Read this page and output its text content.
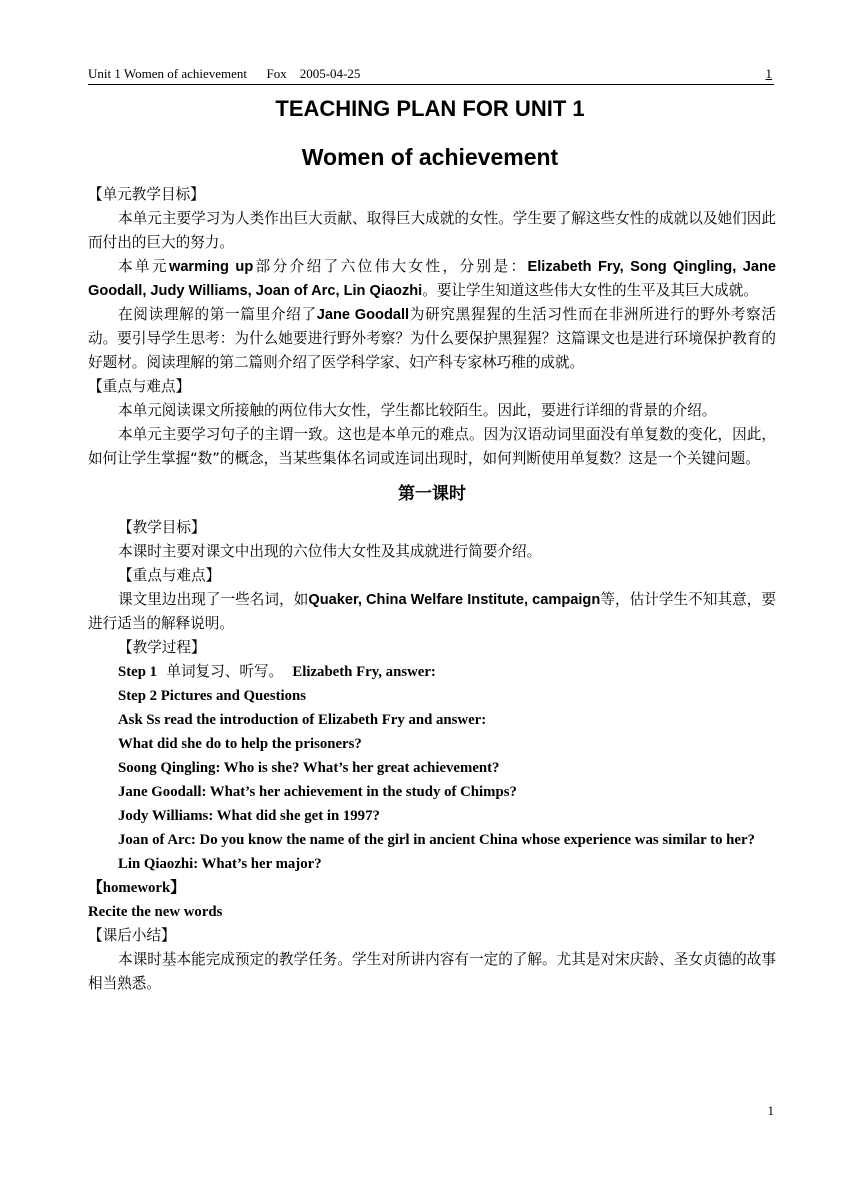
Unit 1 Women of achievement      Fox    2005-04-25	1
TEACHING PLAN FOR UNIT 1
Women of achievement

【单元教学目标】

本单元主要学习为人类作出巨大贡献、取得巨大成就的女性。学生要了解这些女性的成就以及她们因此而付出的巨大的努力。

本单元warming up部分介绍了六位伟大女性，分别是：Elizabeth Fry, Song Qingling, Jane Goodall, Judy Williams, Joan of Arc, Lin Qiaozhi。要让学生知道这些伟大女性的生平及其巨大成就。

在阅读理解的第一篇里介绍了Jane Goodall为研究黑猩猩的生活习性而在非洲所进行的野外考察活动。要引导学生思考：为什么她要进行野外考察？为什么要保护黑猩猩？这篇课文也是进行环境保护教育的好题材。阅读理解的第二篇则介绍了医学科学家、妇产科专家林巧稚的成就。

【重点与难点】

本单元阅读课文所接触的两位伟大女性，学生都比较陌生。因此，要进行详细的背景的介绍。

本单元主要学习句子的主谓一致。这也是本单元的难点。因为汉语动词里面没有单复数的变化，因此，如何让学生掌握“数”的概念，当某些集体名词或连词出现时，如何判断使用单复数？这是一个关键问题。

第一课时

【教学目标】

本课时主要对课文中出现的六位伟大女性及其成就进行简要介绍。

【重点与难点】

课文里边出现了一些名词，如Quaker, China Welfare Institute, campaign等，估计学生不知其意，要进行适当的解释说明。

【教学过程】

Step 1 单词复习、听写。 Elizabeth Fry, answer:

Step 2 Pictures and Questions

Ask Ss read the introduction of Elizabeth Fry and answer:

What did she do to help the prisoners?

Soong Qingling: Who is she? What’s her great achievement?

Jane Goodall: What’s her achievement in the study of Chimps?

Jody Williams: What did she get in 1997?

Joan of Arc: Do you know the name of the girl in ancient China whose experience was similar to her?

Lin Qiaozhi: What’s her major?

【homework】

Recite the new words

【课后小结】

本课时基本能完成预定的教学任务。学生对所讲内容有一定的了解。尤其是对宋庆龄、圣女贞德的故事相当熟悉。

1
